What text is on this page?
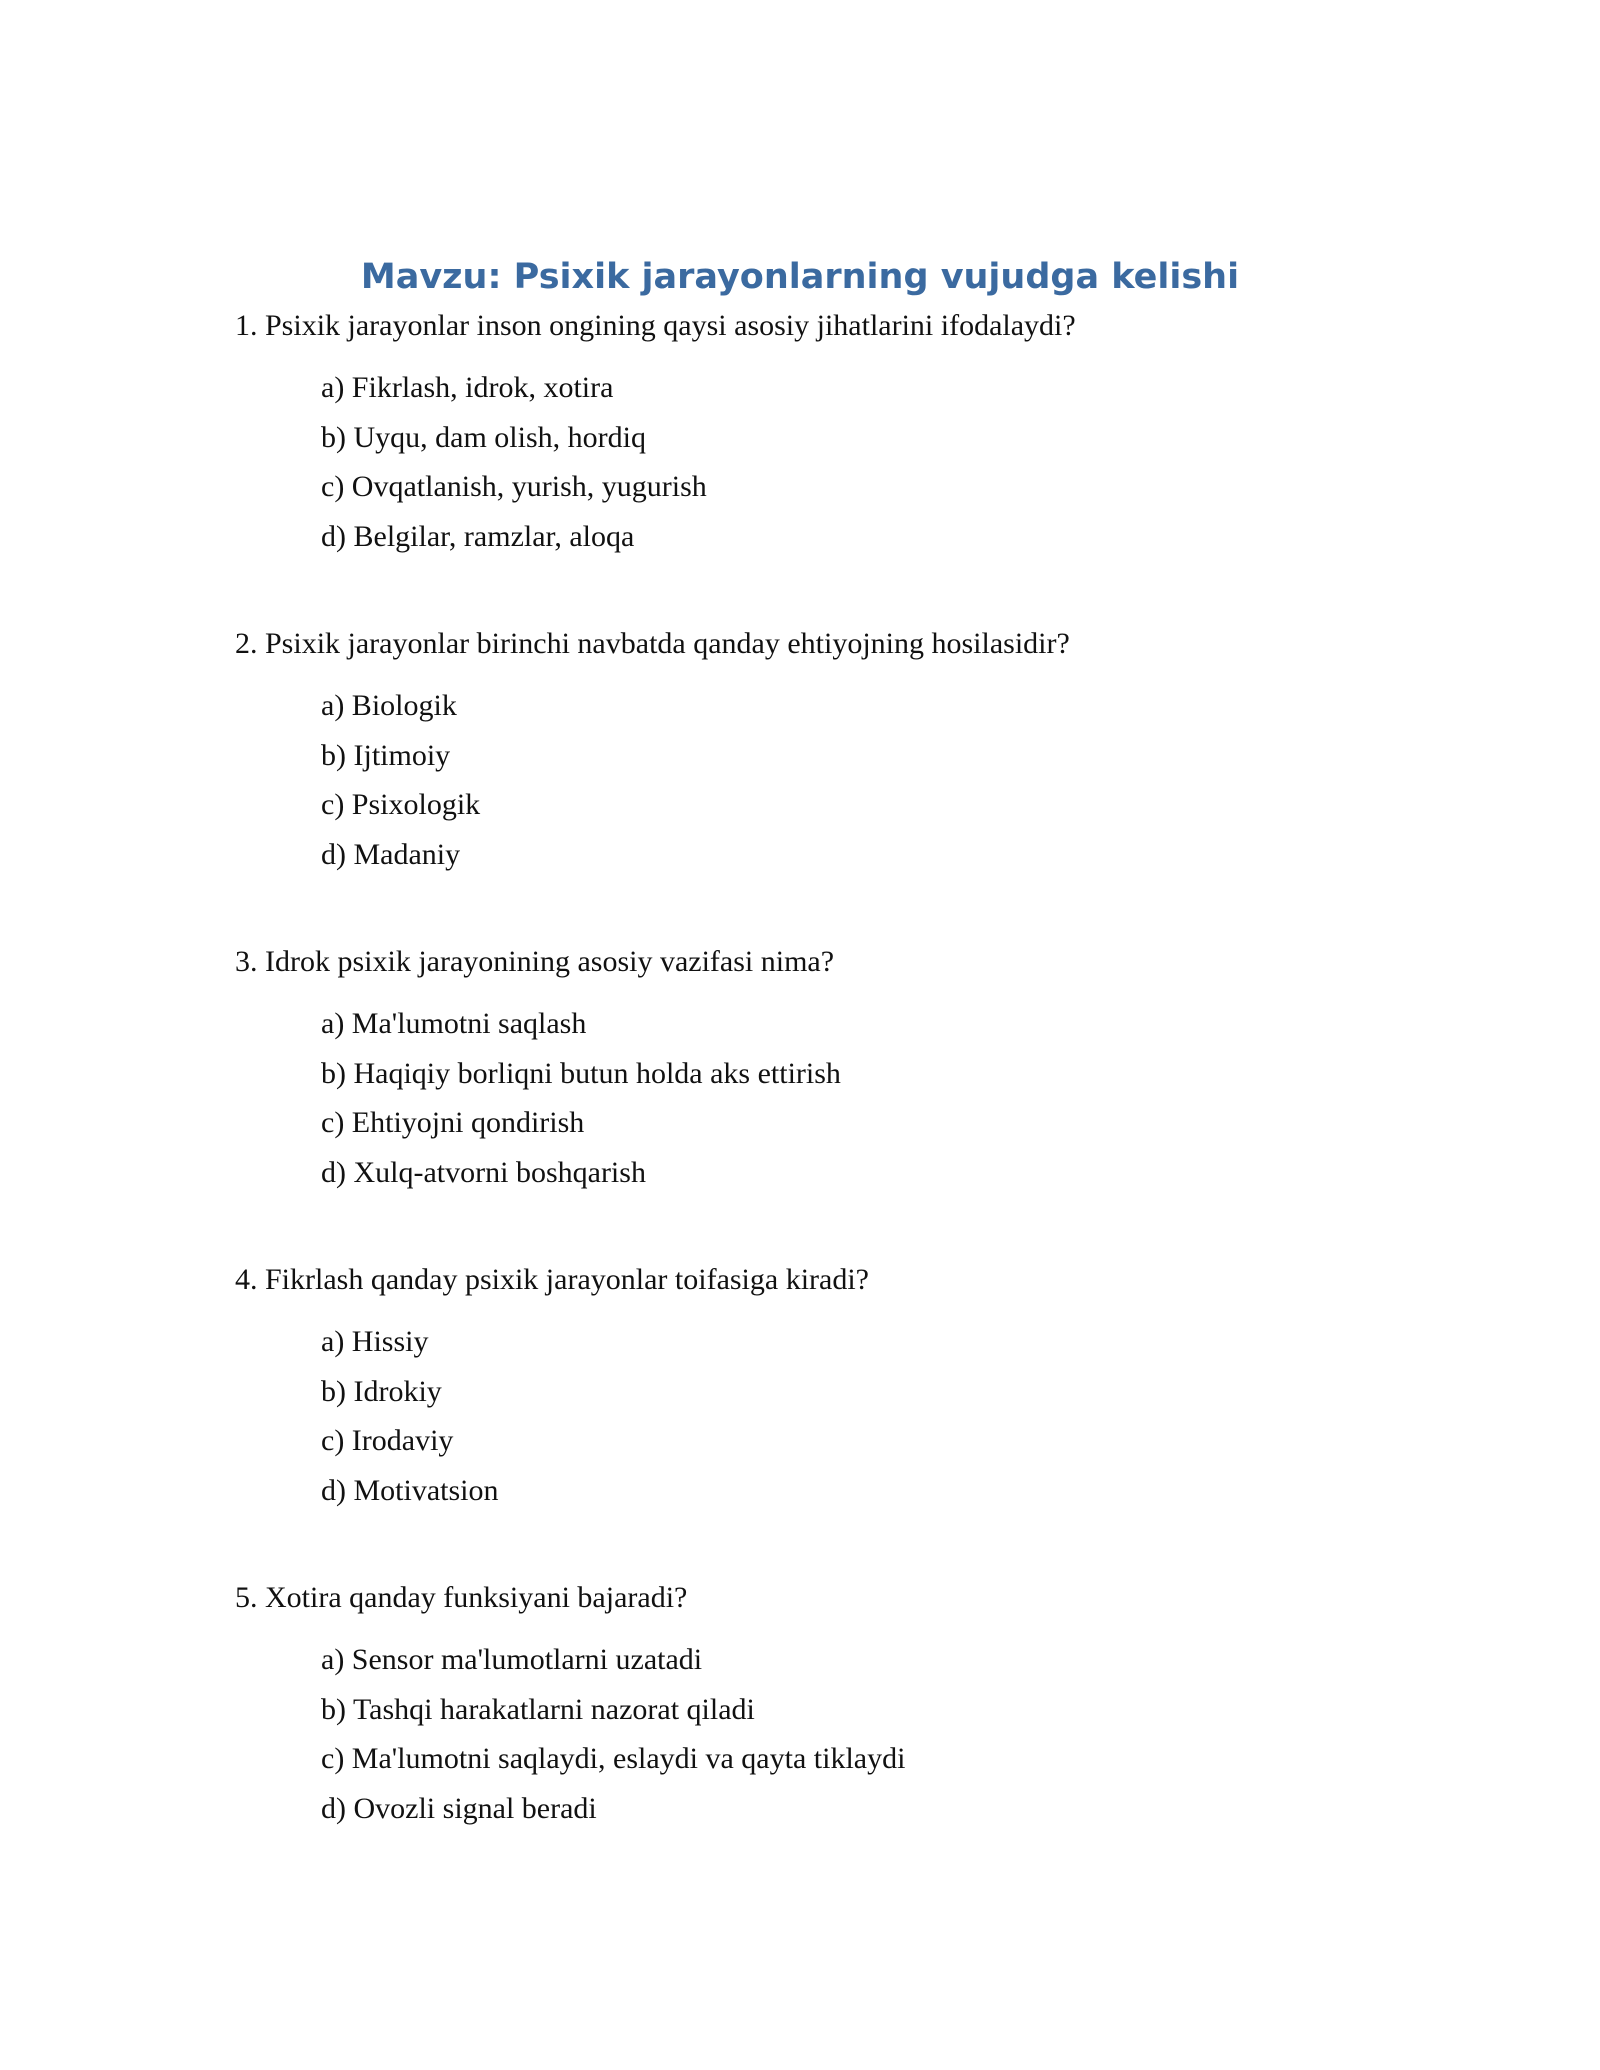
Mavzu: Psixik jarayonlarning vujudga kelishi

1. Psixik jarayonlar inson ongining qaysi asosiy jihatlarini ifodalaydi?

a) Fikrlash, idrok, xotira
b) Uyqu, dam olish, hordiq
c) Ovqatlanish, yurish, yugurish
d) Belgilar, ramzlar, aloqa

2. Psixik jarayonlar birinchi navbatda qanday ehtiyojning hosilasidir?

a) Biologik
b) Ijtimoiy
c) Psixologik
d) Madaniy

3. Idrok psixik jarayonining asosiy vazifasi nima?

a) Ma'lumotni saqlash
b) Haqiqiy borliqni butun holda aks ettirish
c) Ehtiyojni qondirish
d) Xulq-atvorni boshqarish

4. Fikrlash qanday psixik jarayonlar toifasiga kiradi?

a) Hissiy
b) Idrokiy
c) Irodaviy
d) Motivatsion

5. Xotira qanday funksiyani bajaradi?

a) Sensor ma'lumotlarni uzatadi
b) Tashqi harakatlarni nazorat qiladi
c) Ma'lumotni saqlaydi, eslaydi va qayta tiklaydi
d) Ovozli signal beradi
